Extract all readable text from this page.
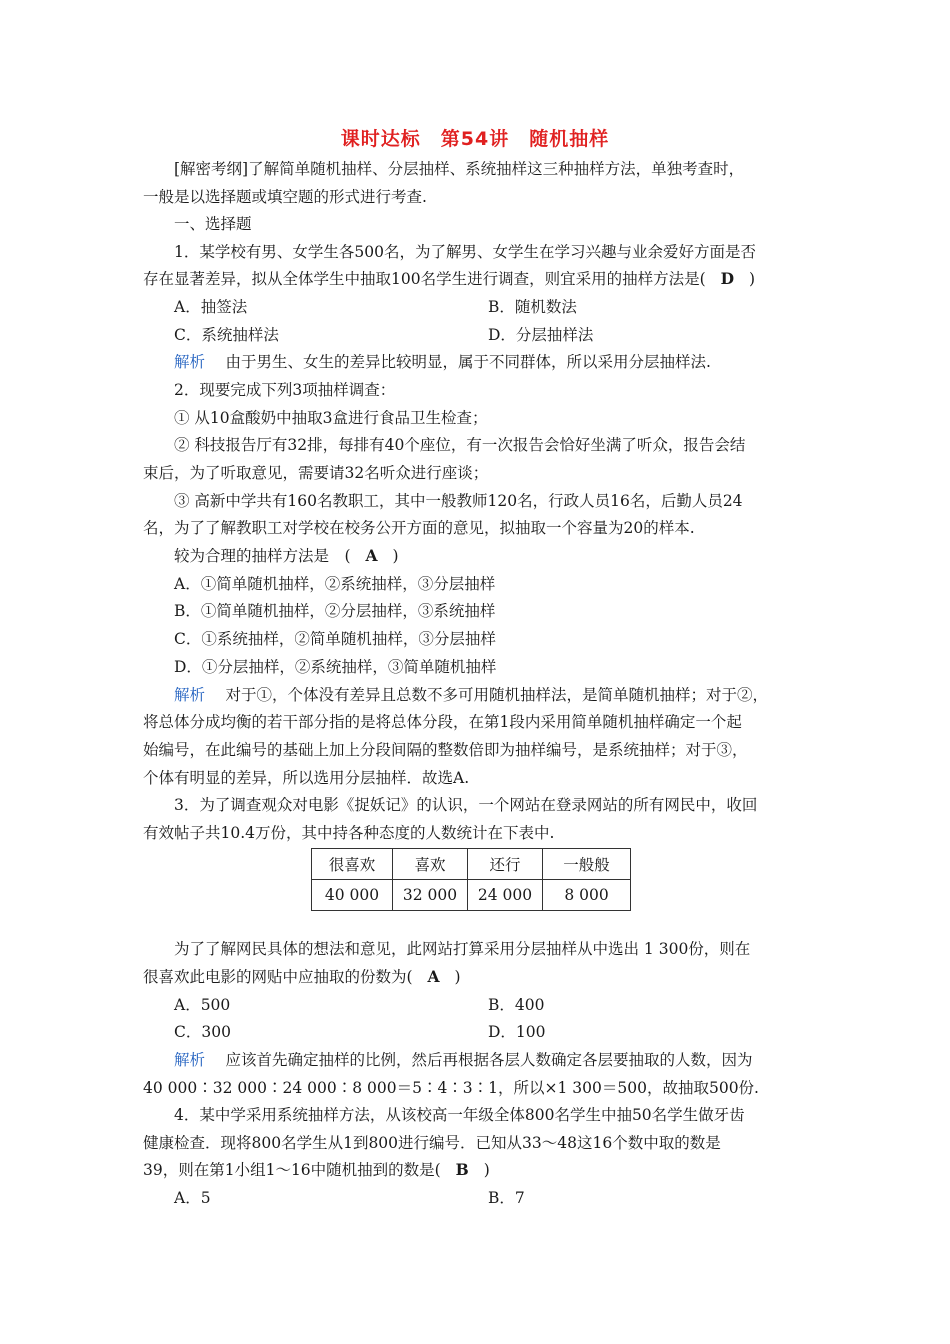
课时达标　第54讲　随机抽样
[解密考纲]了解简单随机抽样、分层抽样、系统抽样这三种抽样方法，单独考查时，
一般是以选择题或填空题的形式进行考查.
一、选择题
1．某学校有男、女学生各500名，为了解男、女学生在学习兴趣与业余爱好方面是否
存在显著差异，拟从全体学生中抽取100名学生进行调查，则宜采用的抽样方法是( D )
A．抽签法	B．随机数法
C．系统抽样法	D．分层抽样法
解析　 由于男生、女生的差异比较明显，属于不同群体，所以采用分层抽样法.
2．现要完成下列3项抽样调查：
① 从10盒酸奶中抽取3盒进行食品卫生检查；
② 科技报告厅有32排，每排有40个座位，有一次报告会恰好坐满了听众，报告会结
束后，为了听取意见，需要请32名听众进行座谈；
③ 高新中学共有160名教职工，其中一般教师120名，行政人员16名，后勤人员24
名，为了了解教职工对学校在校务公开方面的意见，拟抽取一个容量为20的样本.
较为合理的抽样方法是　( A )
A．①简单随机抽样，②系统抽样，③分层抽样
B．①简单随机抽样，②分层抽样，③系统抽样
C．①系统抽样，②简单随机抽样，③分层抽样
D．①分层抽样，②系统抽样，③简单随机抽样
解析　 对于①，个体没有差异且总数不多可用随机抽样法，是简单随机抽样；对于②，
将总体分成均衡的若干部分指的是将总体分段，在第1段内采用简单随机抽样确定一个起
始编号，在此编号的基础上加上分段间隔的整数倍即为抽样编号，是系统抽样；对于③，
个体有明显的差异，所以选用分层抽样．故选A.
3．为了调查观众对电影《捉妖记》的认识，一个网站在登录网站的所有网民中，收回
有效帖子共10.4万份，其中持各种态度的人数统计在下表中.
很喜欢	喜欢	还行	一般般
40 000	32 000	24 000	8 000
为了了解网民具体的想法和意见，此网站打算采用分层抽样从中选出 1 300份，则在
很喜欢此电影的网贴中应抽取的份数为( A )
A．500	B．400
C．300	D．100
解析　 应该首先确定抽样的比例，然后再根据各层人数确定各层要抽取的人数，因为
40 000∶32 000∶24 000∶8 000＝5∶4∶3∶1，所以×1 300＝500，故抽取500份.
4．某中学采用系统抽样方法，从该校高一年级全体800名学生中抽50名学生做牙齿
健康检查．现将800名学生从1到800进行编号．已知从33～48这16个数中取的数是
39，则在第1小组1～16中随机抽到的数是( B )
A．5	B．7
